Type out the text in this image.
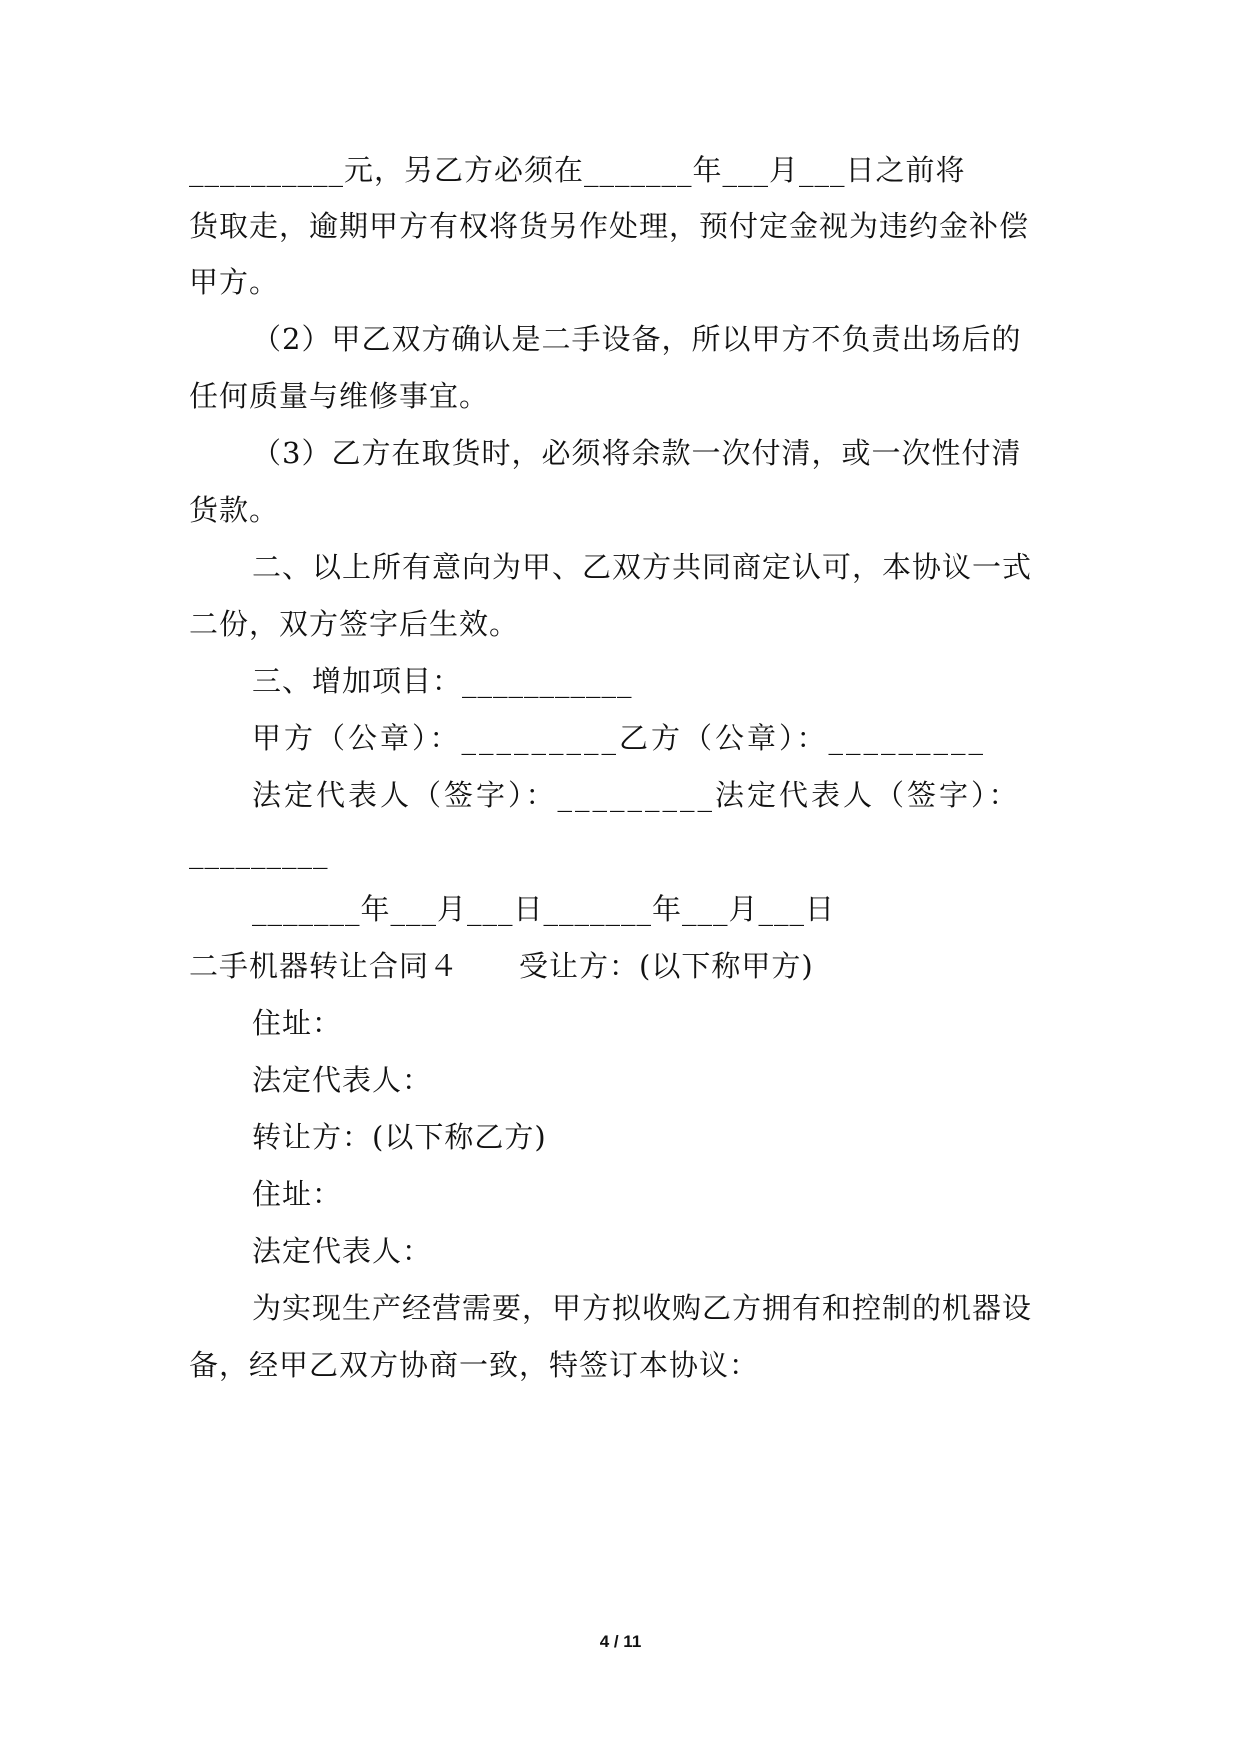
__________元，另乙方必须在_______年___月___日之前将
货取走，逾期甲方有权将货另作处理，预付定金视为违约金补偿
甲方。
（2）甲乙双方确认是二手设备，所以甲方不负责出场后的
任何质量与维修事宜。
（3）乙方在取货时，必须将余款一次付清，或一次性付清
货款。
二、以上所有意向为甲、乙双方共同商定认可，本协议一式
二份，双方签字后生效。
三、增加项目：___________
甲方（公章）：_________乙方（公章）：_________
法定代表人（签字）：_________法定代表人（签字）：
_________
_______年___月___日_______年___月___日
二手机器转让合同４　　受让方：(以下称甲方)
住址：
法定代表人：
转让方：(以下称乙方)
住址：
法定代表人：
为实现生产经营需要，甲方拟收购乙方拥有和控制的机器设
备，经甲乙双方协商一致，特签订本协议：
4 / 11
